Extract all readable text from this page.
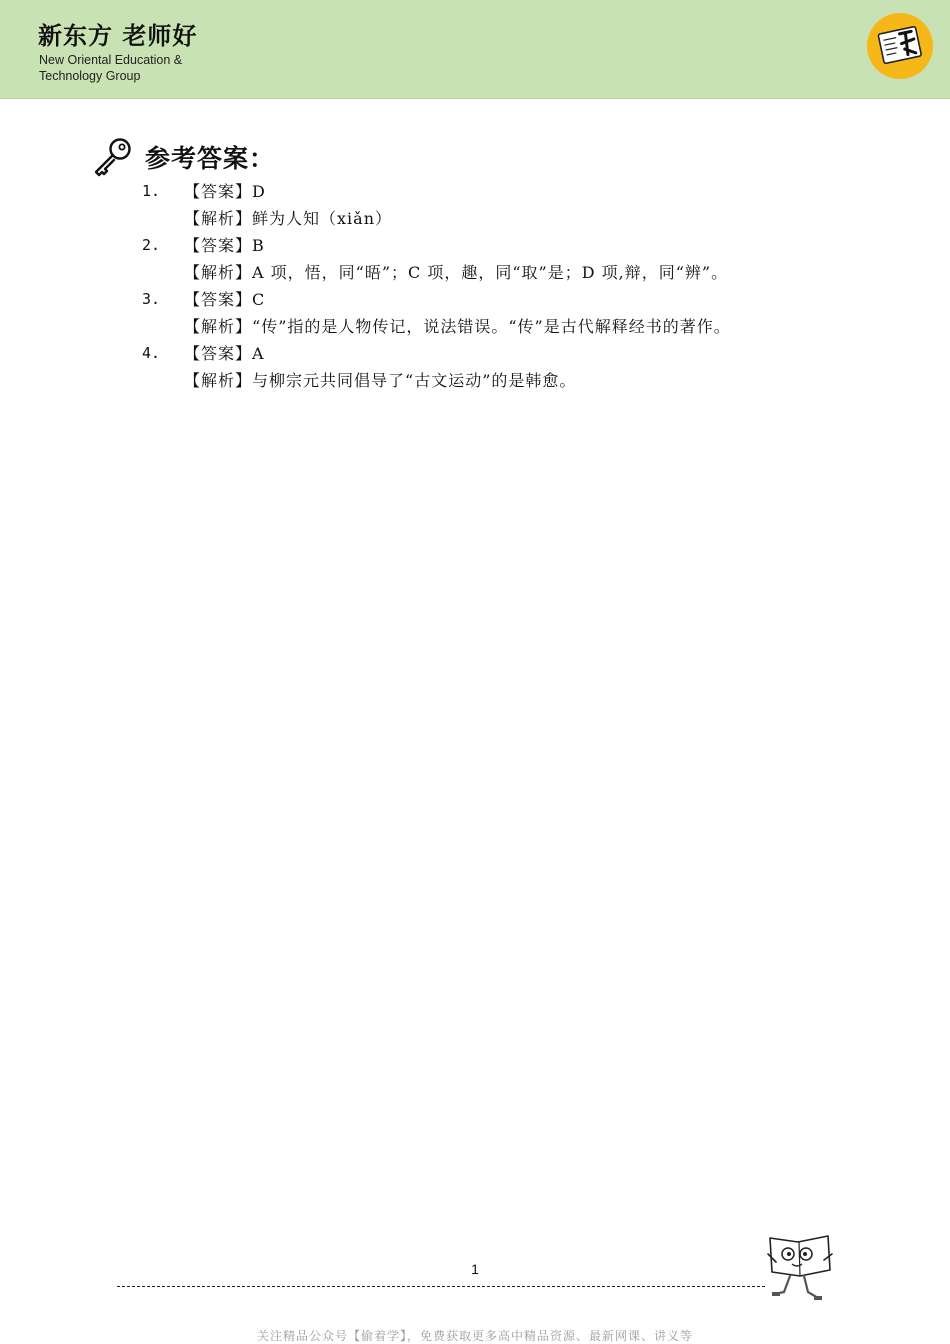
新东方 老师好
New Oriental Education &
Technology Group
参考答案：
1.	【答案】 D
【解析】 鲜为人知（xiǎn）
2.	【答案】 B
【解析】 A 项，悟，同“晤”；C 项，趣，同“取”是；D 项,辩，同“辨”。
3.	【答案】 C
【解析】 “传”指的是人物传记，说法错误。“传”是古代解释经书的著作。
4.	【答案】 A
【解析】 与柳宗元共同倡导了“古文运动”的是韩愈。
1
关注精品公众号【偷着学】，免费获取更多高中精品资源、最新网课、讲义等
